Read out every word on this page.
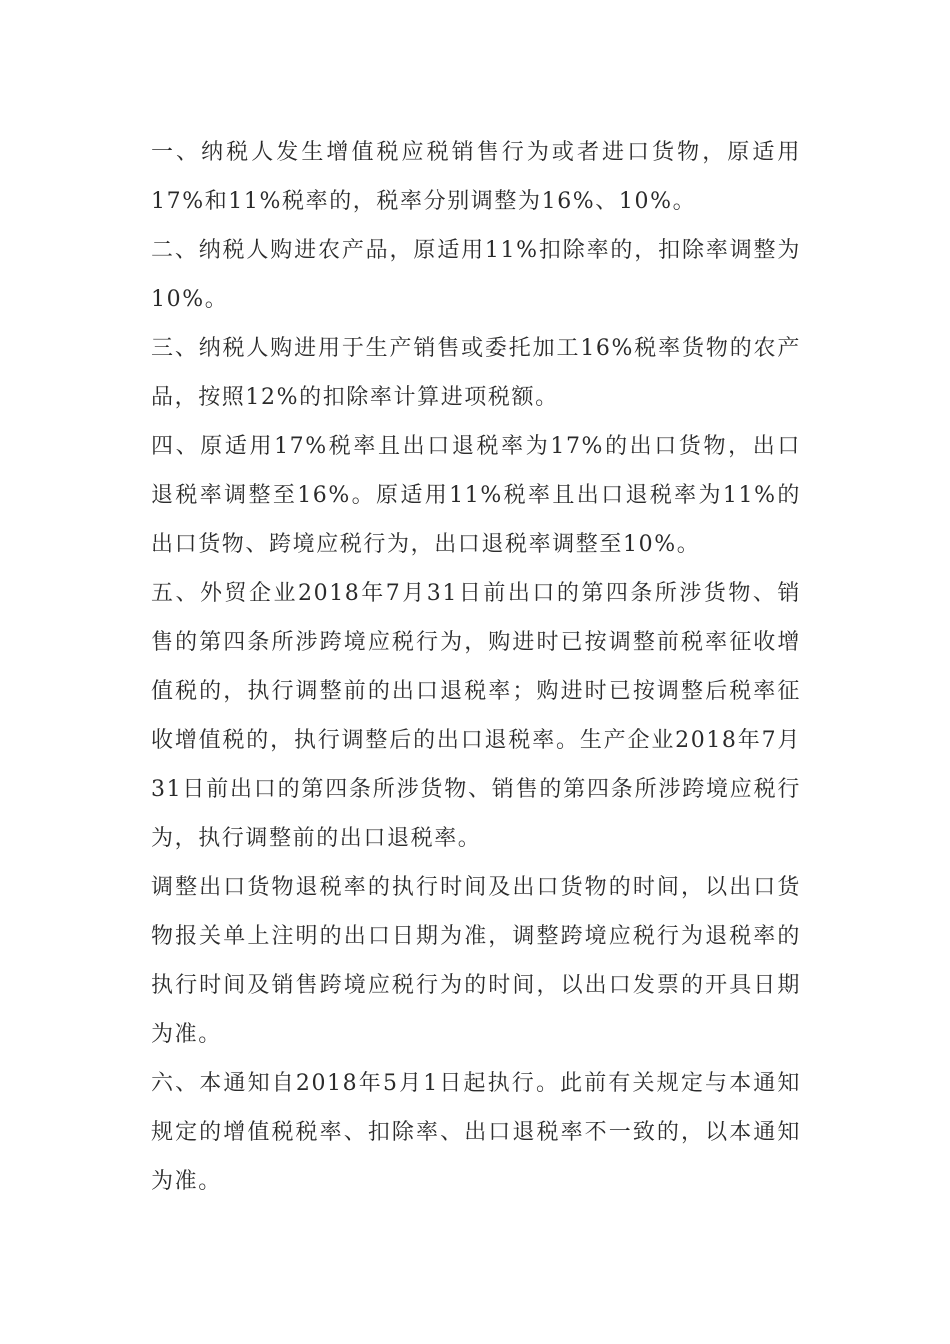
一、纳税人发生增值税应税销售行为或者进口货物，原适用17%和11%税率的，税率分别调整为16%、10%。

二、纳税人购进农产品，原适用11%扣除率的，扣除率调整为10%。

三、纳税人购进用于生产销售或委托加工16%税率货物的农产品，按照12%的扣除率计算进项税额。

四、原适用17%税率且出口退税率为17%的出口货物，出口退税率调整至16%。原适用11%税率且出口退税率为11%的出口货物、跨境应税行为，出口退税率调整至10%。

五、外贸企业2018年7月31日前出口的第四条所涉货物、销售的第四条所涉跨境应税行为，购进时已按调整前税率征收增值税的，执行调整前的出口退税率；购进时已按调整后税率征收增值税的，执行调整后的出口退税率。生产企业2018年7月31日前出口的第四条所涉货物、销售的第四条所涉跨境应税行为，执行调整前的出口退税率。

调整出口货物退税率的执行时间及出口货物的时间，以出口货物报关单上注明的出口日期为准，调整跨境应税行为退税率的执行时间及销售跨境应税行为的时间，以出口发票的开具日期为准。

六、本通知自2018年5月1日起执行。此前有关规定与本通知规定的增值税税率、扣除率、出口退税率不一致的，以本通知为准。
